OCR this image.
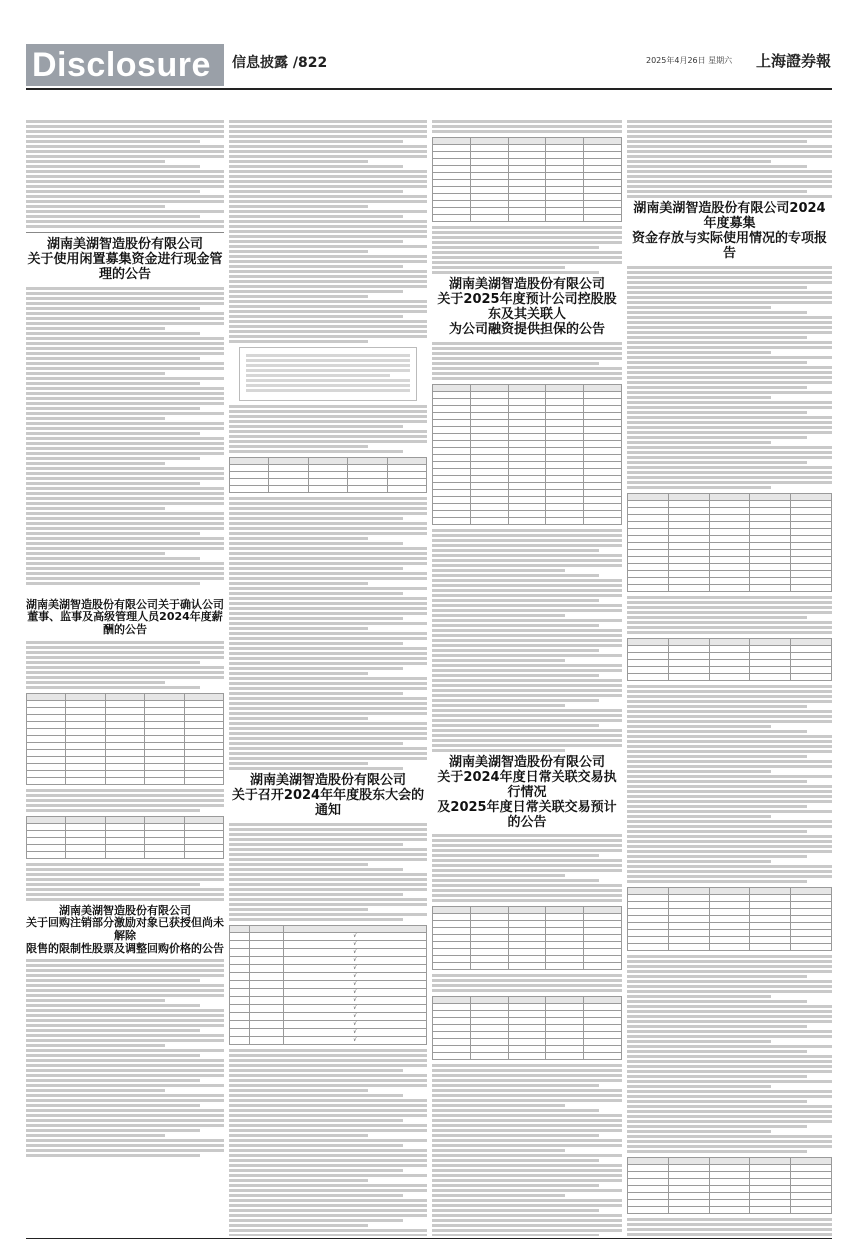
Disclosure	信息披露 /822	2025年4月26日 星期六 上海證券報
湖南美湖智造股份有限公司
关于使用闲置募集资金进行现金管理的公告
湖南美湖智造股份有限公司关于确认公司
董事、监事及高级管理人员2024年度薪酬的公告

湖南美湖智造股份有限公司
关于回购注销部分激励对象已获授但尚未解除
限售的限制性股票及调整回购价格的公告

湖南美湖智造股份有限公司
关于召开2024年年度股东大会的通知

		√
		√
		√
		√
		√
		√
		√
		√
		√
		√
		√
		√
		√
		√

湖南美湖智造股份有限公司
关于2025年度预计公司控股股东及其关联人
为公司融资提供担保的公告

湖南美湖智造股份有限公司
关于2024年度日常关联交易执行情况
及2025年度日常关联交易预计的公告

湖南美湖智造股份有限公司2024年度募集
资金存放与实际使用情况的专项报告
